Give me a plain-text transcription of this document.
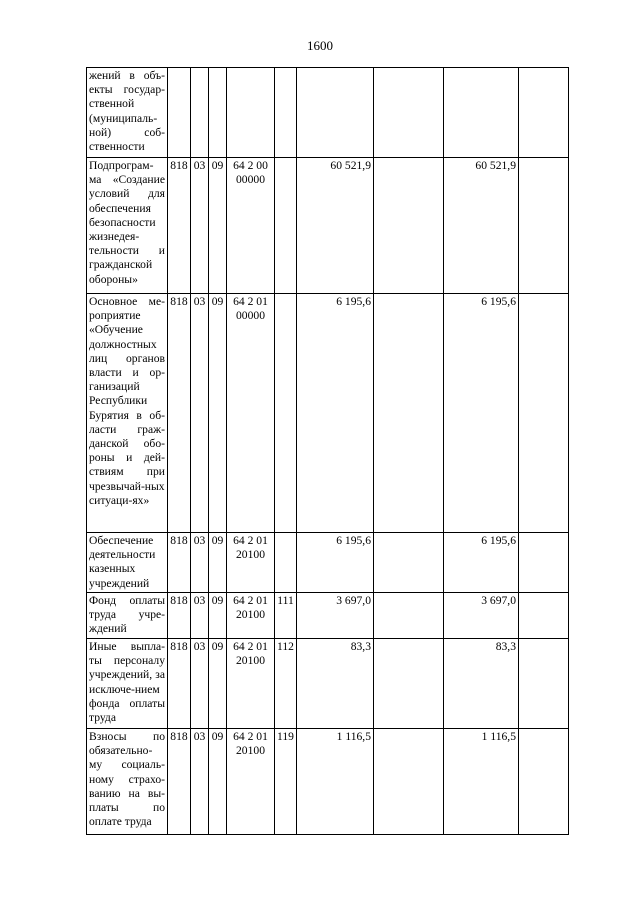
1600
жений в объ-екты государ-ственной (муниципаль-ной) соб-ственности									
Подпрограм-ма «Создание условий для обеспечения безопасности жизнедея-тельности и гражданской обороны»	818	03	09	64 2 00 00000		60 521,9		60 521,9	
Основное ме-роприятие «Обучение должностных лиц органов власти и ор-ганизаций Республики Бурятия в об-ласти граж-данской обо-роны и дей-ствиям при чрезвычай-ных ситуаци-ях»	818	03	09	64 2 01 00000		6 195,6		6 195,6	
Обеспечение деятельности казенных учреждений	818	03	09	64 2 01 20100		6 195,6		6 195,6	
Фонд оплаты труда учре-ждений	818	03	09	64 2 01 20100	111	3 697,0		3 697,0	
Иные выпла-ты персоналу учреждений, за исключе-нием фонда оплаты труда	818	03	09	64 2 01 20100	112	83,3		83,3	
Взносы по обязательно-му социаль-ному страхо-ванию на вы-платы по оплате труда	818	03	09	64 2 01 20100	119	1 116,5		1 116,5	
